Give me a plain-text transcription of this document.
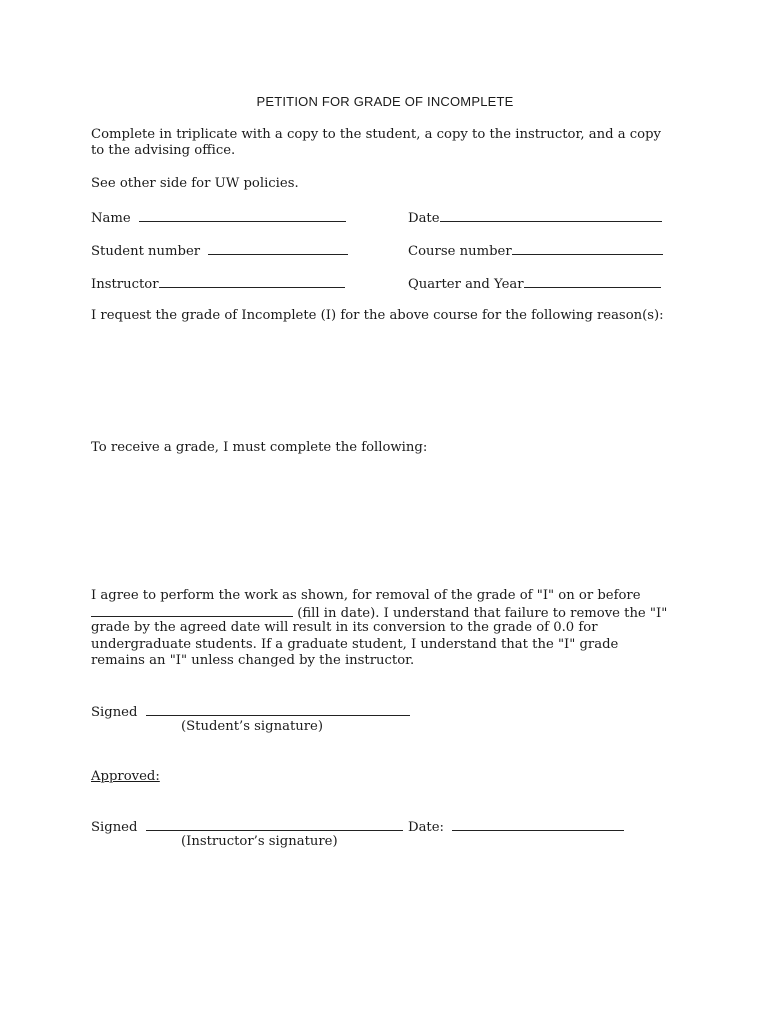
PETITION FOR GRADE OF INCOMPLETE
Complete in triplicate with a copy to the student, a copy to the instructor, and a copy
to the advising office.
See other side for UW policies.
Name	Date
Student number	Course number
Instructor	Quarter and Year
I request the grade of Incomplete (I) for the above course for the following reason(s):
To receive a grade, I must complete the following:
I agree to perform the work as shown, for removal of the grade of "I" on or before
(fill in date). I understand that failure to remove the "I"
grade by the agreed date will result in its conversion to the grade of 0.0 for
undergraduate students. If a graduate student, I understand that the "I" grade
remains an "I" unless changed by the instructor.
Signed
(Student’s signature)
Approved:
Signed	Date:
(Instructor’s signature)
